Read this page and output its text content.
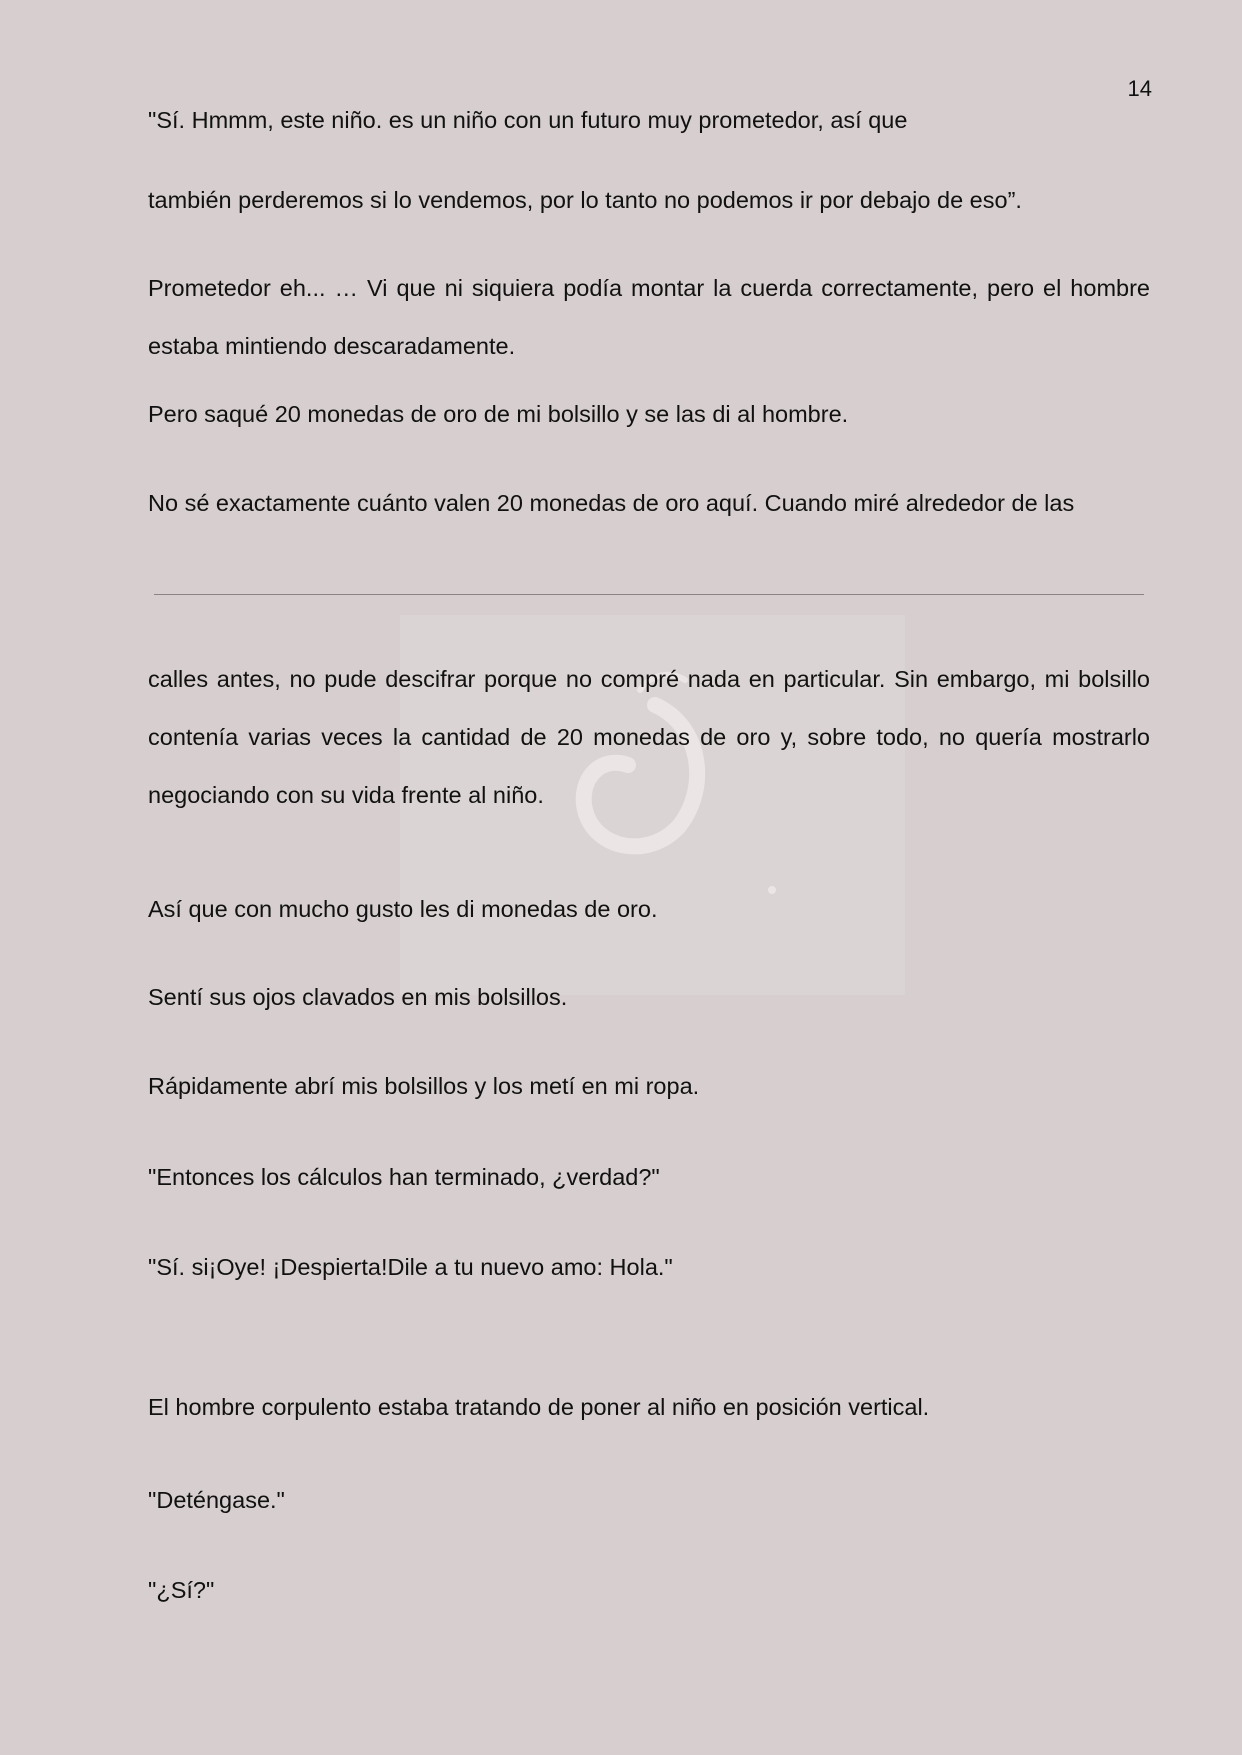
14

"Sí. Hmmm, este niño. es un niño con un futuro muy prometedor, así que

también perderemos si lo vendemos, por lo tanto no podemos ir por debajo de eso”.

Prometedor eh... … Vi que ni siquiera podía montar la cuerda correctamente, pero el hombre estaba mintiendo descaradamente.

Pero saqué 20 monedas de oro de mi bolsillo y se las di al hombre.

No sé exactamente cuánto valen 20 monedas de oro aquí. Cuando miré alrededor de las

calles antes, no pude descifrar porque no compré nada en particular. Sin embargo, mi bolsillo contenía varias veces la cantidad de 20 monedas de oro y, sobre todo, no quería mostrarlo negociando con su vida frente al niño.

Así que con mucho gusto les di monedas de oro.

Sentí sus ojos clavados en mis bolsillos.

Rápidamente abrí mis bolsillos y los metí en mi ropa.

"Entonces los cálculos han terminado, ¿verdad?"

"Sí. si¡Oye! ¡Despierta!Dile a tu nuevo amo: Hola."

El hombre corpulento estaba tratando de poner al niño en posición vertical.

"Deténgase."

"¿Sí?"
